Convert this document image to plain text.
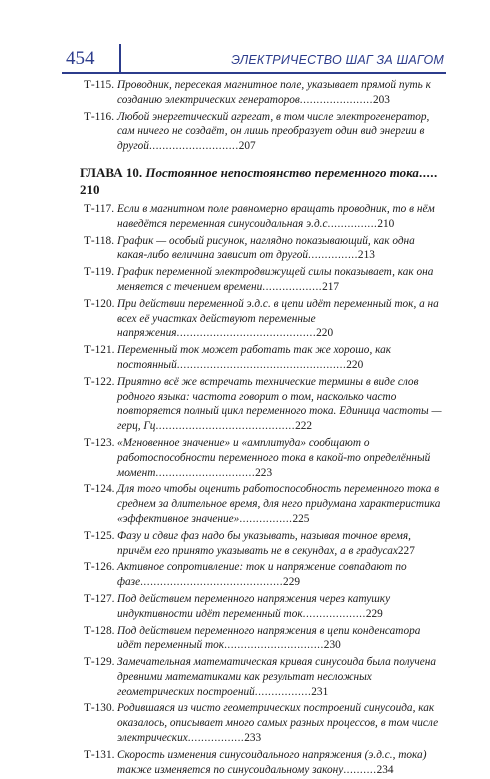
454	ЭЛЕКТРИЧЕСТВО ШАГ ЗА ШАГОМ
Т-115. Проводник, пересекая магнитное поле, указывает прямой путь к созданию электрических генераторов......................203
Т-116. Любой энергетический агрегат, в том числе электрогенератор, сам ничего не создаёт, он лишь преобразует один вид энергии в другой...........................207
ГЛАВА 10. Постоянное непостоянство переменного тока..... 210
Т-117. Если в магнитном поле равномерно вращать проводник, то в нём наведётся переменная синусоидальная э.д.с...............210
Т-118. График — особый рисунок, наглядно показывающий, как одна какая-либо величина зависит от другой...............213
Т-119. График переменной электродвижущей силы показывает, как она меняется с течением времени..................217
Т-120. При действии переменной э.д.с. в цепи идёт переменный ток, а на всех её участках действуют переменные напряжения..........................................220
Т-121. Переменный ток может работать так же хорошо, как постоянный...................................................220
Т-122. Приятно всё же встречать технические термины в виде слов родного языка: частота говорит о том, насколько часто повторяется полный цикл переменного тока. Единица частоты — герц, Гц..........................................222
Т-123. «Мгновенное значение» и «амплитуда» сообщают о работоспособности переменного тока в какой-то определённый момент..............................223
Т-124. Для того чтобы оценить работоспособность переменного тока в среднем за длительное время, для него придумана характеристика «эффективное значение»................225
Т-125. Фазу и сдвиг фаз надо бы указывать, называя точное время, причём его принято указывать не в секундах, а в градусах227
Т-126. Активное сопротивление: ток и напряжение совпадают по фазе...........................................229
Т-127. Под действием переменного напряжения через катушку индуктивности идёт переменный ток...................229
Т-128. Под действием переменного напряжения в цепи конденсатора идёт переменный ток..............................230
Т-129. Замечательная математическая кривая синусоида была получена древними математиками как результат несложных геометрических построений.................231
Т-130. Родившаяся из чисто геометрических построений синусоида, как оказалось, описывает много самых разных процессов, в том числе электрических.................233
Т-131. Скорость изменения синусоидального напряжения (э.д.с., тока) также изменяется по синусоидальному закону..........234
